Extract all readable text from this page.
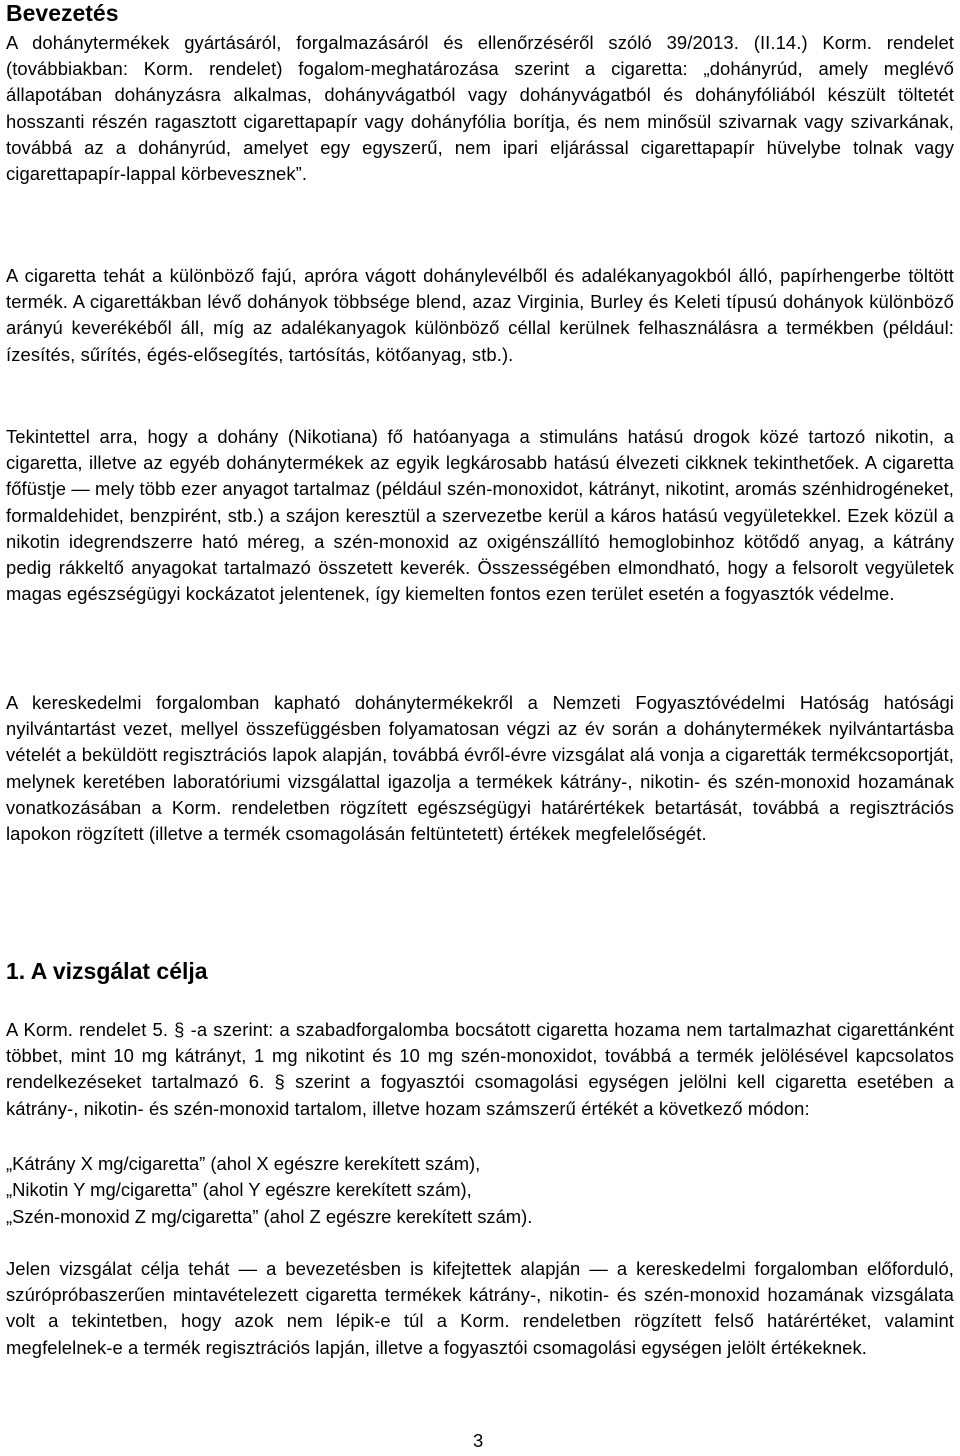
Bevezetés

A dohánytermékek gyártásáról, forgalmazásáról és ellenőrzéséről szóló 39/2013. (II.14.) Korm. rendelet (továbbiakban: Korm. rendelet) fogalom-meghatározása szerint a cigaretta: „dohányrúd, amely meglévő állapotában dohányzásra alkalmas, dohányvágatból vagy dohányvágatból és dohányfóliából készült töltetét hosszanti részén ragasztott cigarettapapír vagy dohányfólia borítja, és nem minősül szivarnak vagy szivarkának, továbbá az a dohányrúd, amelyet egy egyszerű, nem ipari eljárással cigarettapapír hüvelybe tolnak vagy cigarettapapír-lappal körbevesznek”.

A cigaretta tehát a különböző fajú, apróra vágott dohánylevélből és adalékanyagokból álló, papírhengerbe töltött termék. A cigarettákban lévő dohányok többsége blend, azaz Virginia, Burley és Keleti típusú dohányok különböző arányú keverékéből áll, míg az adalékanyagok különböző céllal kerülnek felhasználásra a termékben (például: ízesítés, sűrítés, égés-elősegítés, tartósítás, kötőanyag, stb.).

Tekintettel arra, hogy a dohány (Nikotiana) fő hatóanyaga a stimuláns hatású drogok közé tartozó nikotin, a cigaretta, illetve az egyéb dohánytermékek az egyik legkárosabb hatású élvezeti cikknek tekinthetőek. A cigaretta főfüstje — mely több ezer anyagot tartalmaz (például szén-monoxidot, kátrányt, nikotint, aromás szénhidrogéneket, formaldehidet, benzpirént, stb.) a szájon keresztül a szervezetbe kerül a káros hatású vegyületekkel. Ezek közül a nikotin idegrendszerre ható méreg, a szén-monoxid az oxigénszállító hemoglobinhoz kötődő anyag, a kátrány pedig rákkeltő anyagokat tartalmazó összetett keverék. Összességében elmondható, hogy a felsorolt vegyületek magas egészségügyi kockázatot jelentenek, így kiemelten fontos ezen terület esetén a fogyasztók védelme.

A kereskedelmi forgalomban kapható dohánytermékekről a Nemzeti Fogyasztóvédelmi Hatóság hatósági nyilvántartást vezet, mellyel összefüggésben folyamatosan végzi az év során a dohánytermékek nyilvántartásba vételét a beküldött regisztrációs lapok alapján, továbbá évről-évre vizsgálat alá vonja a cigaretták termékcsoportját, melynek keretében laboratóriumi vizsgálattal igazolja a termékek kátrány-, nikotin- és szén-monoxid hozamának vonatkozásában a Korm. rendeletben rögzített egészségügyi határértékek betartását, továbbá a regisztrációs lapokon rögzített (illetve a termék csomagolásán feltüntetett) értékek megfelelőségét.

1. A vizsgálat célja

A Korm. rendelet 5. § -a szerint: a szabadforgalomba bocsátott cigaretta hozama nem tartalmazhat cigarettánként többet, mint 10 mg kátrányt, 1 mg nikotint és 10 mg szén-monoxidot, továbbá a termék jelölésével kapcsolatos rendelkezéseket tartalmazó 6. § szerint a fogyasztói csomagolási egységen jelölni kell cigaretta esetében a kátrány-, nikotin- és szén-monoxid tartalom, illetve hozam számszerű értékét a következő módon:

„Kátrány X mg/cigaretta” (ahol X egészre kerekített szám),

„Nikotin Y mg/cigaretta” (ahol Y egészre kerekített szám),

„Szén-monoxid Z mg/cigaretta” (ahol Z egészre kerekített szám).

Jelen vizsgálat célja tehát — a bevezetésben is kifejtettek alapján — a kereskedelmi forgalomban előforduló, szúrópróbaszerűen mintavételezett cigaretta termékek kátrány-, nikotin- és szén-monoxid hozamának vizsgálata volt a tekintetben, hogy azok nem lépik-e túl a Korm. rendeletben rögzített felső határértéket, valamint megfelelnek-e a termék regisztrációs lapján, illetve a fogyasztói csomagolási egységen jelölt értékeknek.

3
